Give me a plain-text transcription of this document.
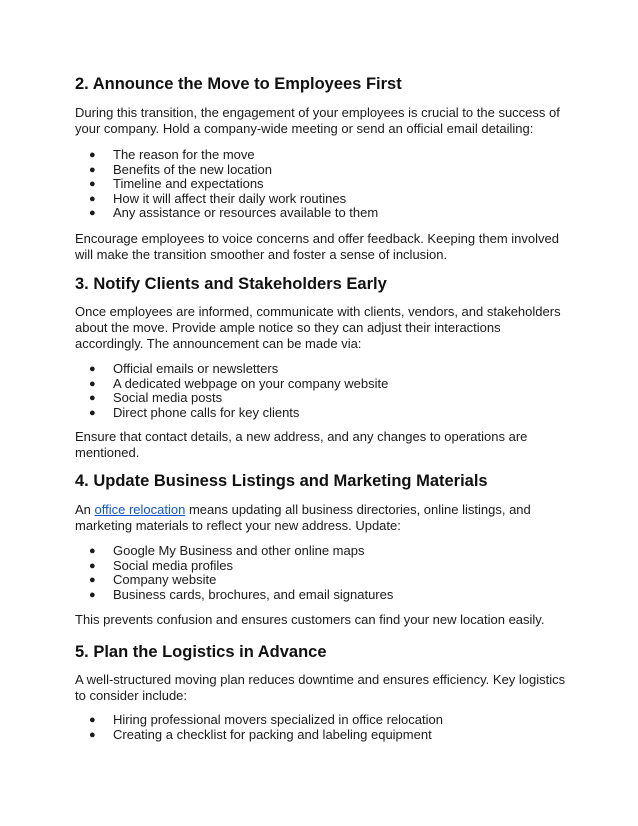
2. Announce the Move to Employees First

During this transition, the engagement of your employees is crucial to the success of your company. Hold a company-wide meeting or send an official email detailing:

● The reason for the move
● Benefits of the new location
● Timeline and expectations
● How it will affect their daily work routines
● Any assistance or resources available to them

Encourage employees to voice concerns and offer feedback. Keeping them involved will make the transition smoother and foster a sense of inclusion.

3. Notify Clients and Stakeholders Early

Once employees are informed, communicate with clients, vendors, and stakeholders about the move. Provide ample notice so they can adjust their interactions accordingly. The announcement can be made via:

● Official emails or newsletters
● A dedicated webpage on your company website
● Social media posts
● Direct phone calls for key clients

Ensure that contact details, a new address, and any changes to operations are mentioned.

4. Update Business Listings and Marketing Materials

An office relocation means updating all business directories, online listings, and marketing materials to reflect your new address. Update:

● Google My Business and other online maps
● Social media profiles
● Company website
● Business cards, brochures, and email signatures

This prevents confusion and ensures customers can find your new location easily.

5. Plan the Logistics in Advance

A well-structured moving plan reduces downtime and ensures efficiency. Key logistics to consider include:

● Hiring professional movers specialized in office relocation
● Creating a checklist for packing and labeling equipment
